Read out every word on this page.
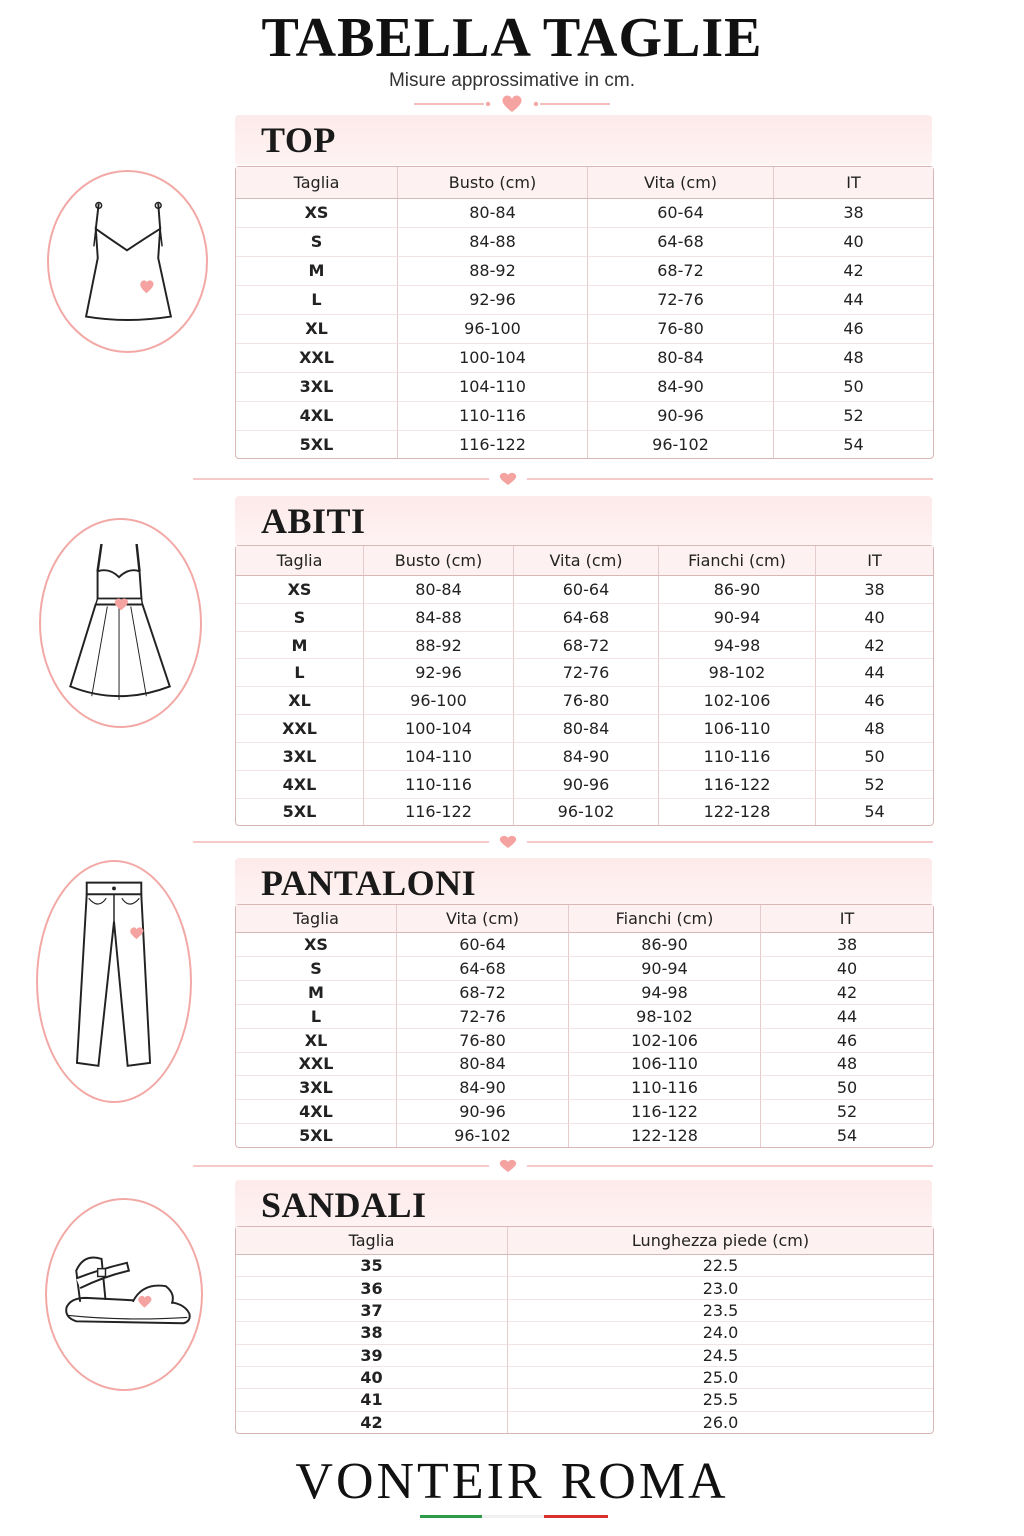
TABELLA TAGLIE
Misure approssimative in cm.
TOP
Taglia	Busto (cm)	Vita (cm)	IT
XS	80-84	60-64	38
S	84-88	64-68	40
M	88-92	68-72	42
L	92-96	72-76	44
XL	96-100	76-80	46
XXL	100-104	80-84	48
3XL	104-110	84-90	50
4XL	110-116	90-96	52
5XL	116-122	96-102	54
ABITI
Taglia	Busto (cm)	Vita (cm)	Fianchi (cm)	IT
XS	80-84	60-64	86-90	38
S	84-88	64-68	90-94	40
M	88-92	68-72	94-98	42
L	92-96	72-76	98-102	44
XL	96-100	76-80	102-106	46
XXL	100-104	80-84	106-110	48
3XL	104-110	84-90	110-116	50
4XL	110-116	90-96	116-122	52
5XL	116-122	96-102	122-128	54
PANTALONI
Taglia	Vita (cm)	Fianchi (cm)	IT
XS	60-64	86-90	38
S	64-68	90-94	40
M	68-72	94-98	42
L	72-76	98-102	44
XL	76-80	102-106	46
XXL	80-84	106-110	48
3XL	84-90	110-116	50
4XL	90-96	116-122	52
5XL	96-102	122-128	54
SANDALI
Taglia	Lunghezza piede (cm)
35	22.5
36	23.0
37	23.5
38	24.0
39	24.5
40	25.0
41	25.5
42	26.0
VONTEIR ROMA
